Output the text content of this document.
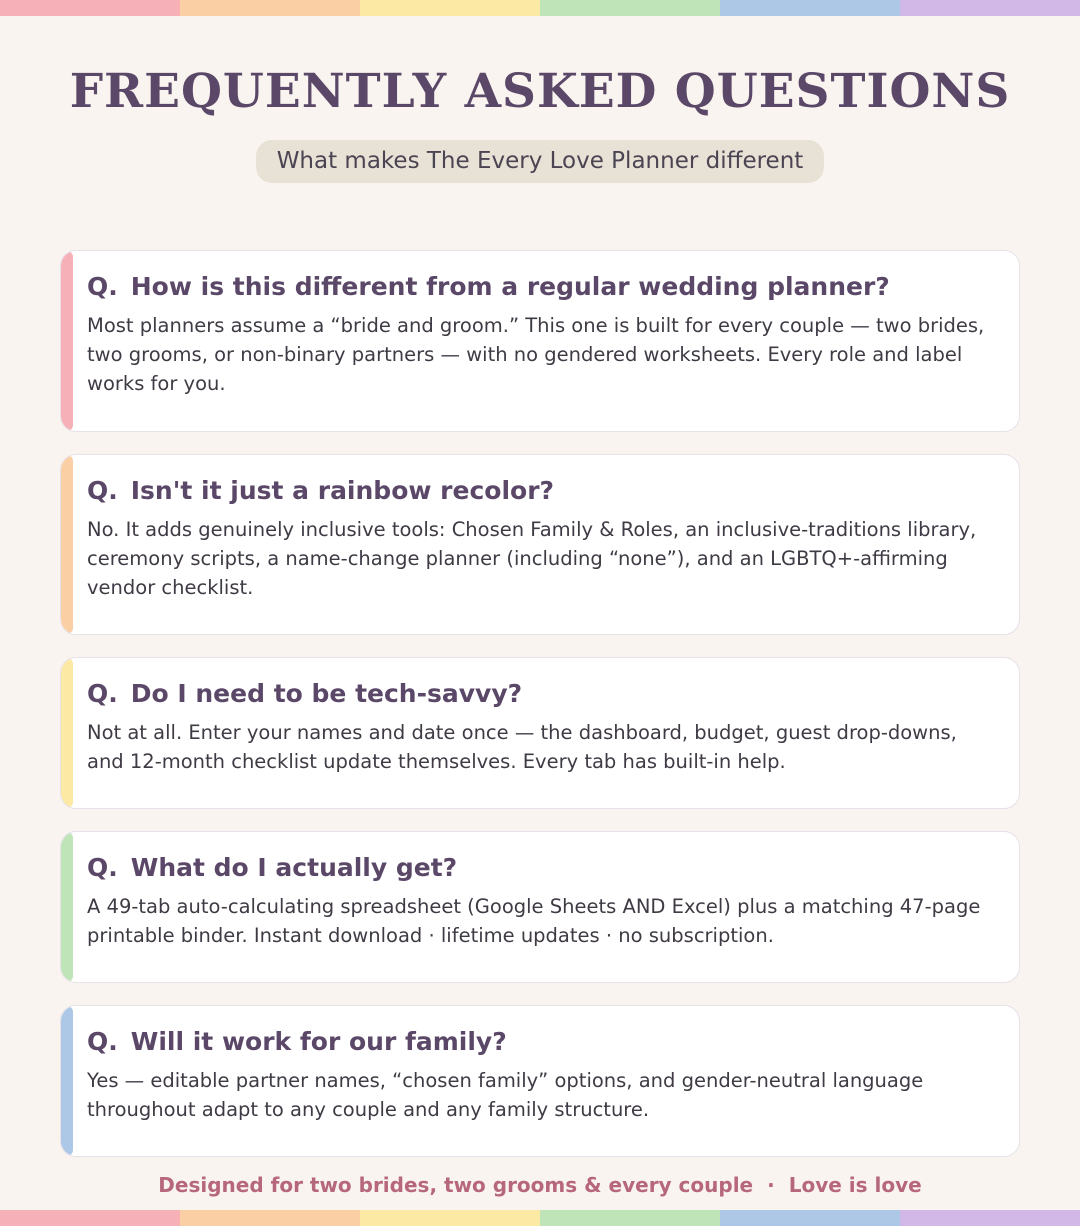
FREQUENTLY ASKED QUESTIONS
What makes The Every Love Planner different

Q. How is this different from a regular wedding planner?

Most planners assume a “bride and groom.” This one is built for every couple — two brides, two grooms, or non-binary partners — with no gendered worksheets. Every role and label works for you.

Q. Isn't it just a rainbow recolor?

No. It adds genuinely inclusive tools: Chosen Family & Roles, an inclusive-traditions library, ceremony scripts, a name-change planner (including “none”), and an LGBTQ+-affirming vendor checklist.

Q. Do I need to be tech-savvy?

Not at all. Enter your names and date once — the dashboard, budget, guest drop-downs, and 12-month checklist update themselves. Every tab has built-in help.

Q. What do I actually get?

A 49-tab auto-calculating spreadsheet (Google Sheets AND Excel) plus a matching 47-page printable binder. Instant download · lifetime updates · no subscription.

Q. Will it work for our family?

Yes — editable partner names, “chosen family” options, and gender-neutral language throughout adapt to any couple and any family structure.

Designed for two brides, two grooms & every couple · Love is love
